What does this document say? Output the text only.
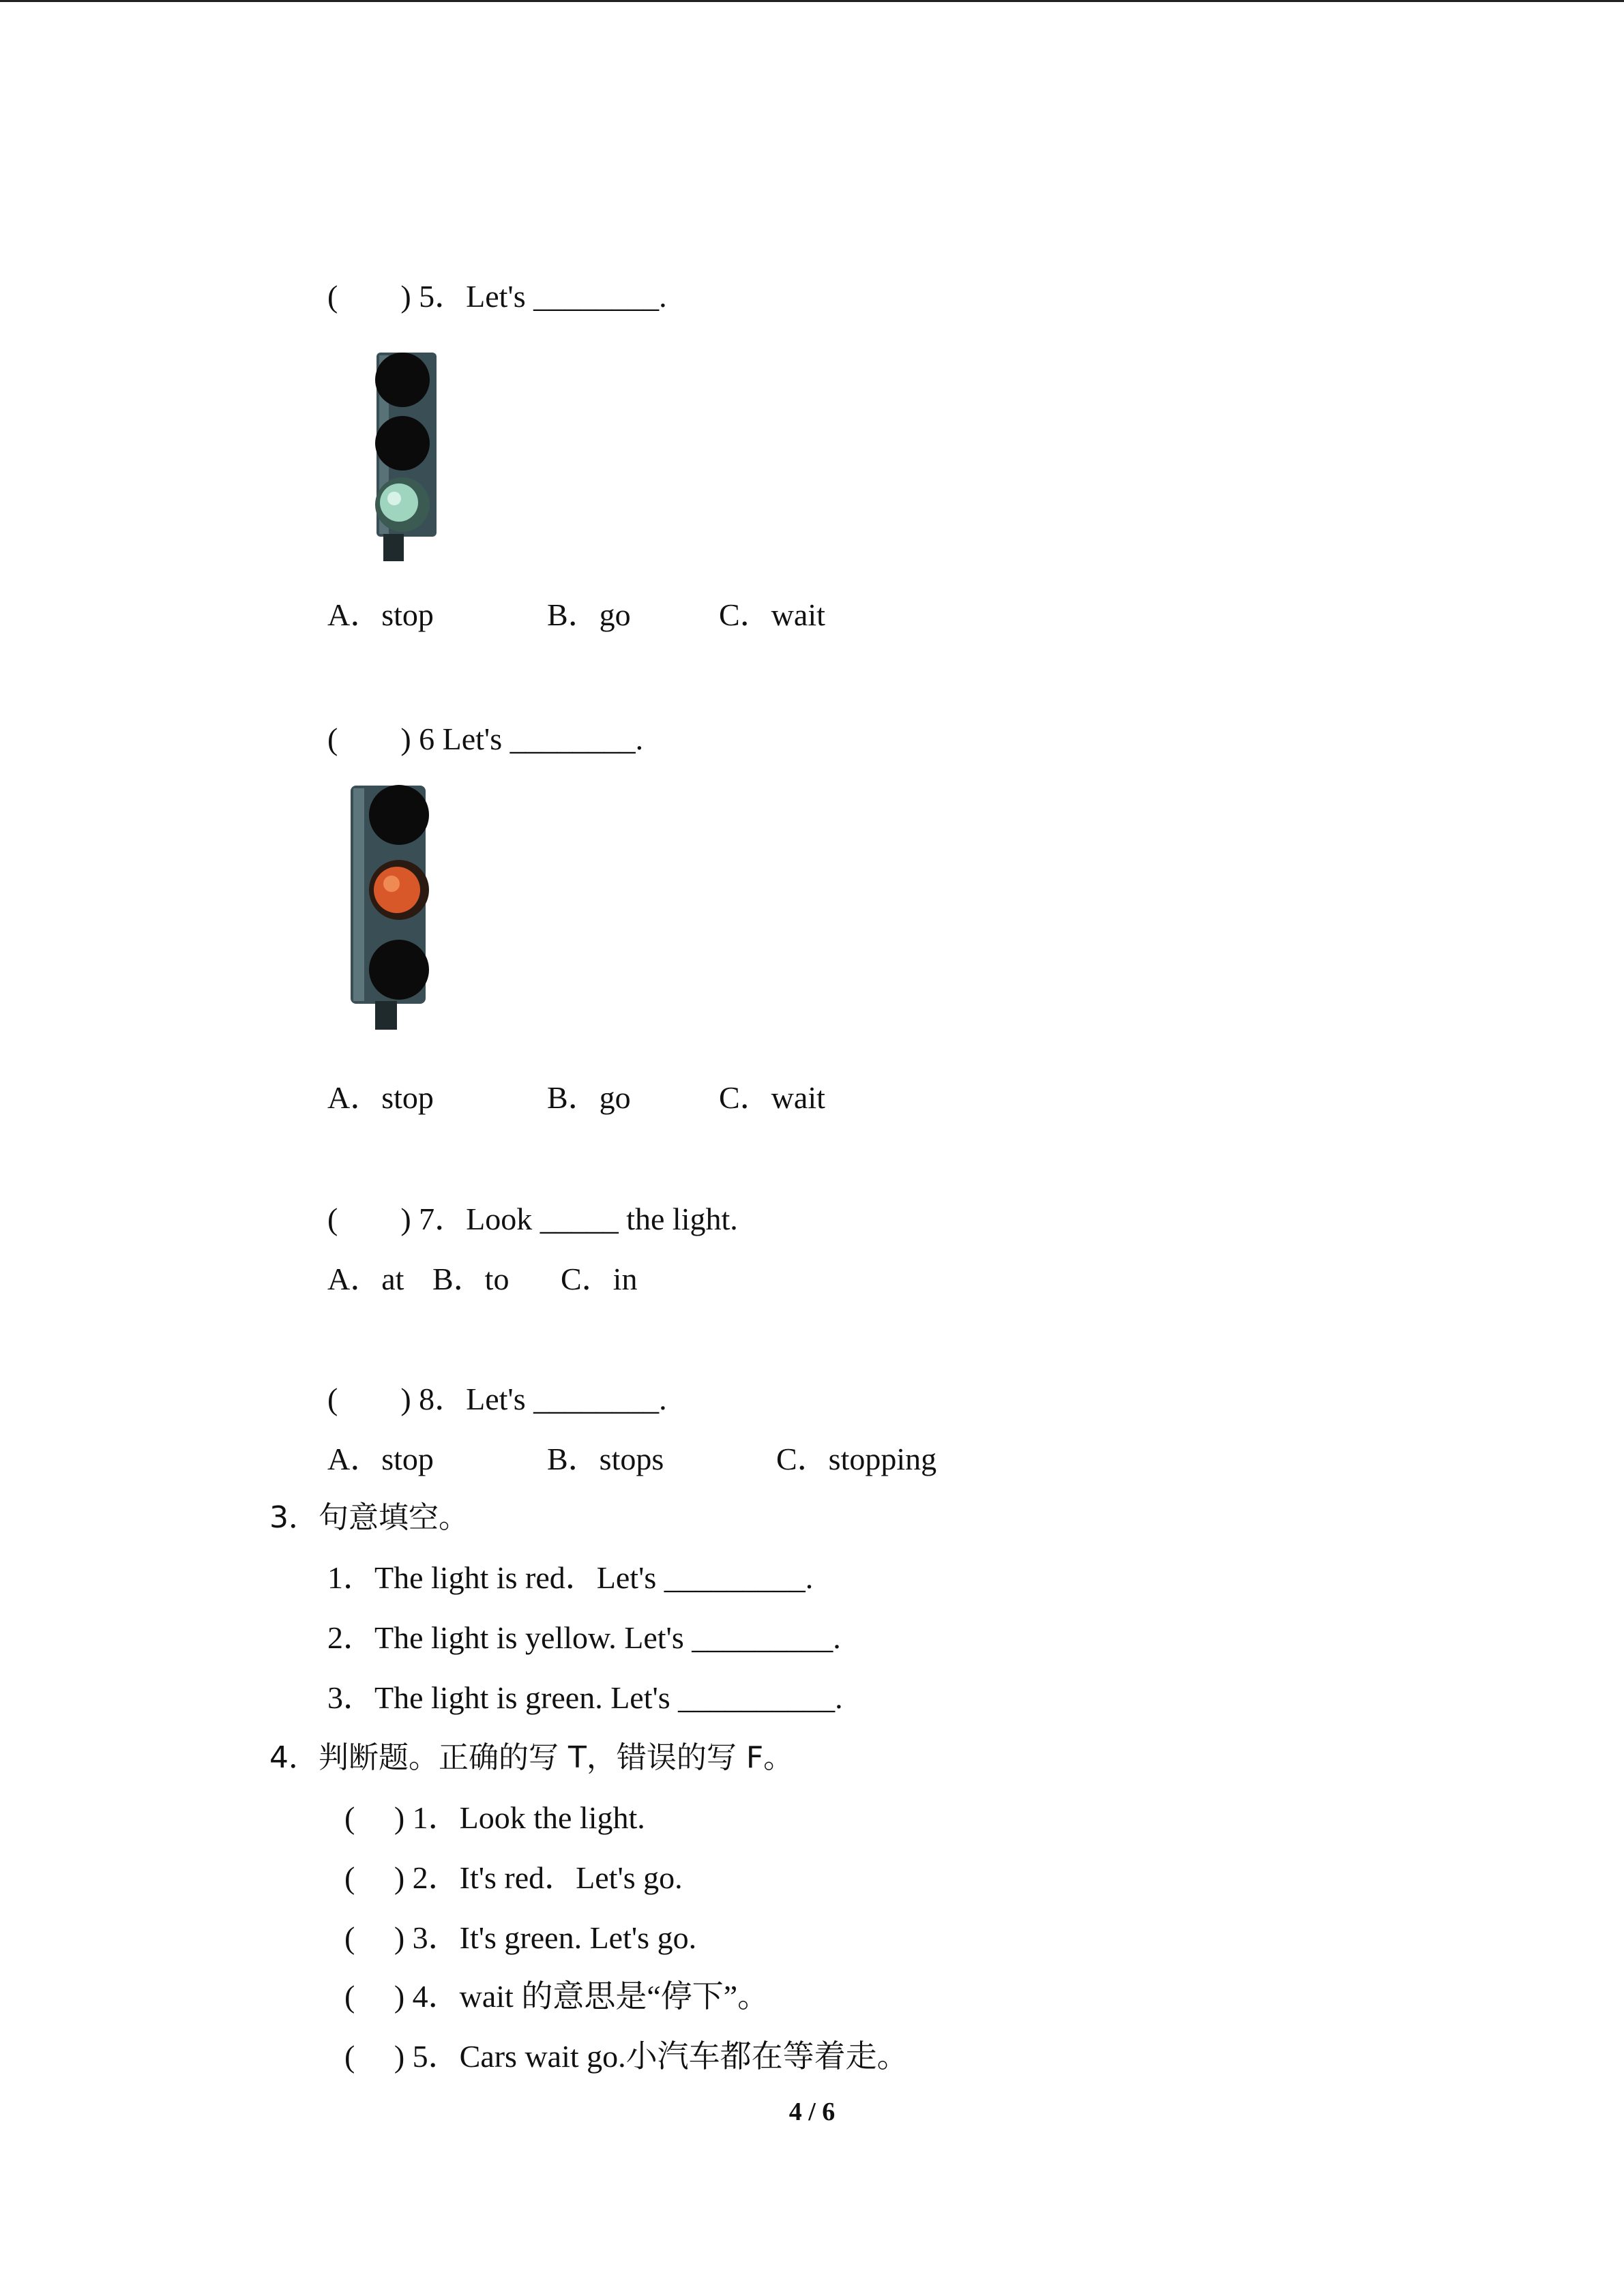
(        ) 5．Let's ________.
A．stop	B．go	C．wait
(        ) 6 Let's ________.
A．stop	B．go	C．wait
(        ) 7．Look _____ the light.
A．at B．to C．in
(        ) 8．Let's ________.
A．stop	B．stops	C．stopping
3．句意填空。
1．The light is red．Let's _________.
2．The light is yellow. Let's _________.
3．The light is green. Let's __________.
4．判断题。正确的写 T，错误的写 F。
(     ) 1．Look the light.
(     ) 2．It's red．Let's go.
(     ) 3．It's green. Let's go.
(     ) 4．wait 的意思是“停下”。
(     ) 5．Cars wait go.小汽车都在等着走。
4 / 6
